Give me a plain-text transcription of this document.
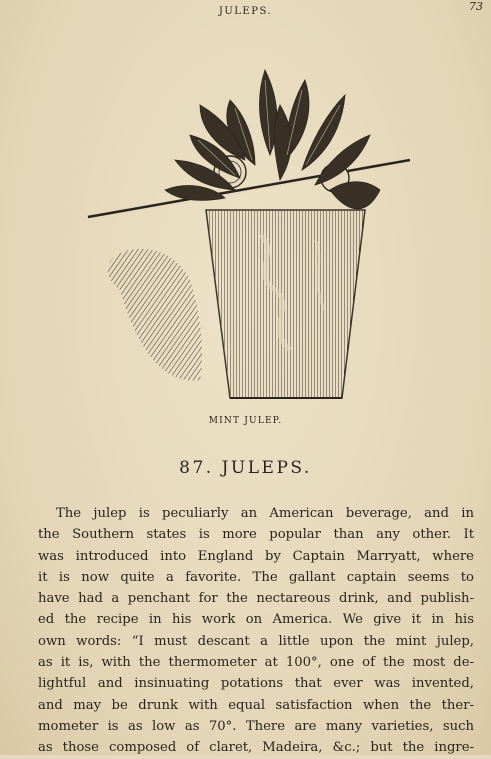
JULEPS.	73
MINT JULEP.
87. JULEPS.
The julep is peculiarly an American beverage, and in
the Southern states is more popular than any other. It
was introduced into England by Captain Marryatt, where
it is now quite a favorite. The gallant captain seems to
have had a penchant for the nectareous drink, and publish-
ed the recipe in his work on America. We give it in his
own words: “I must descant a little upon the mint julep,
as it is, with the thermometer at 100°, one of the most de-
lightful and insinuating potations that ever was invented,
and may be drunk with equal satisfaction when the ther-
mometer is as low as 70°. There are many varieties, such
as those composed of claret, Madeira, &c.; but the ingre-
